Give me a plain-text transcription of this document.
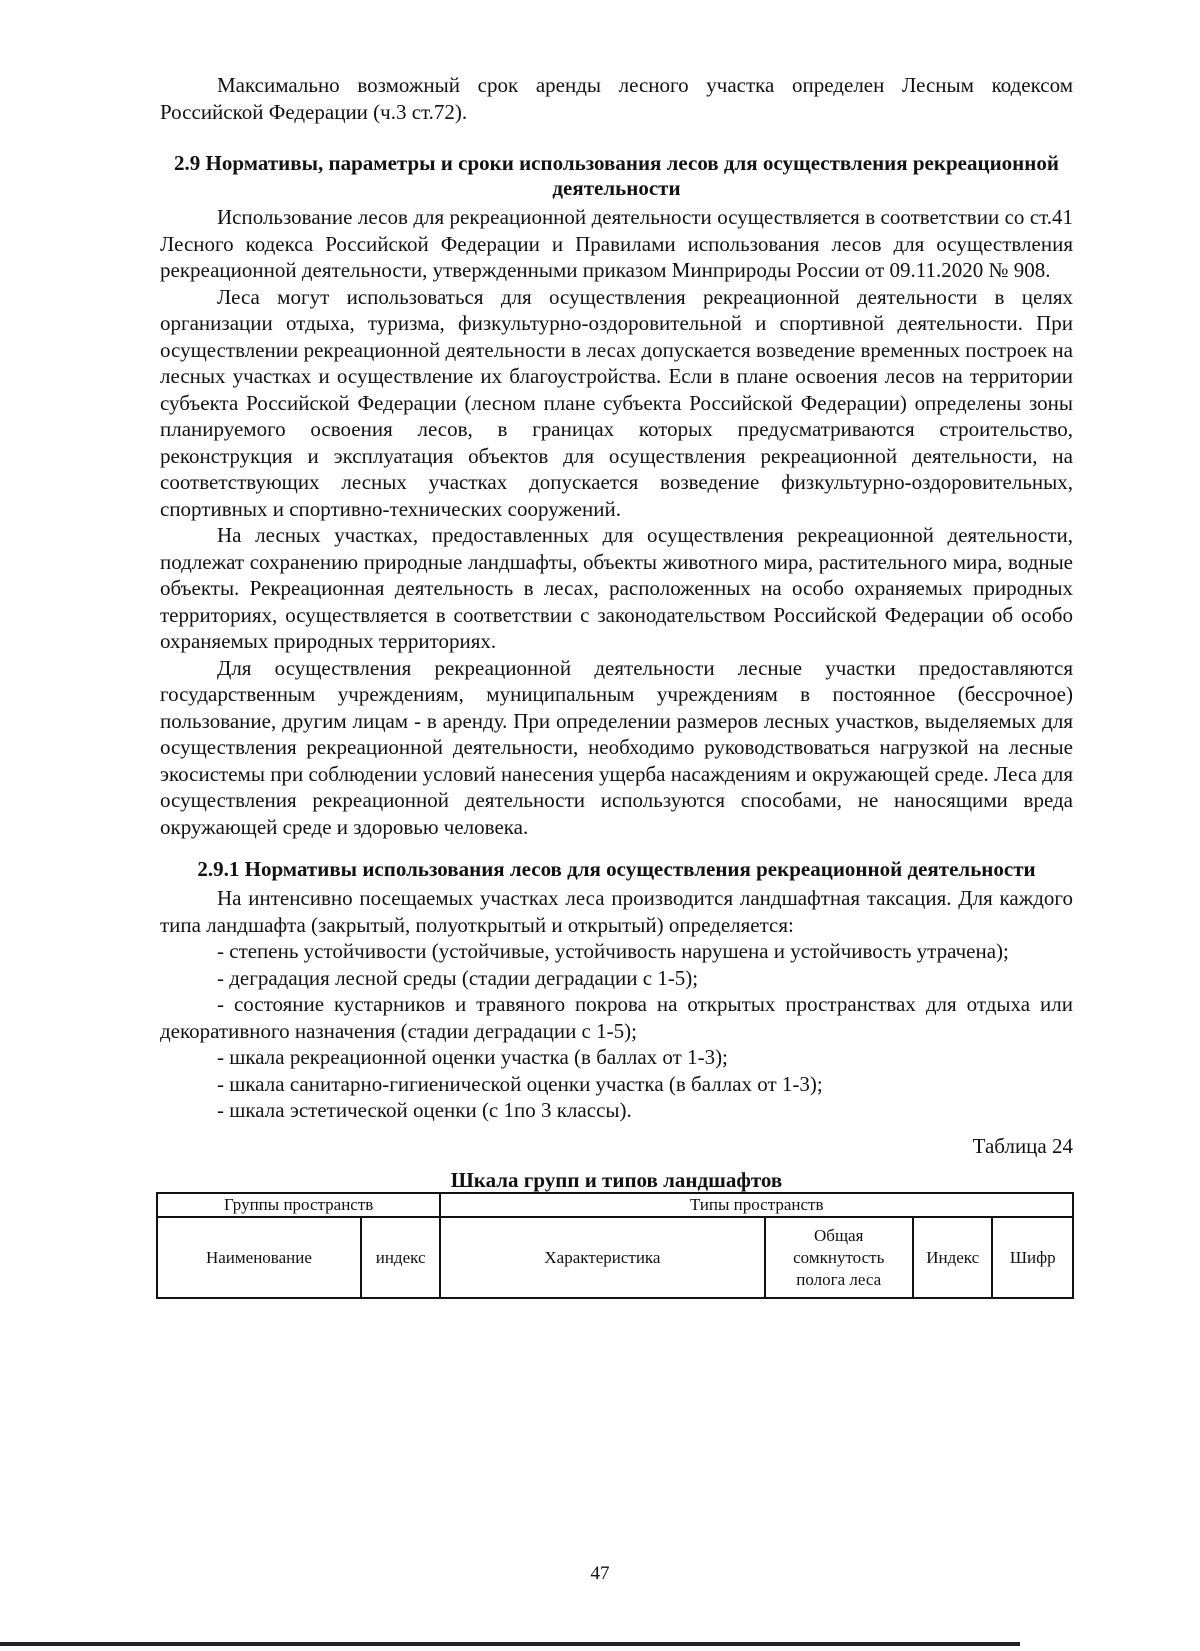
Максимально возможный срок аренды лесного участка определен Лесным кодексом Российской Федерации (ч.3 ст.72).

2.9 Нормативы, параметры и сроки использования лесов для осуществления рекреационной деятельности

Использование лесов для рекреационной деятельности осуществляется в соответствии со ст.41 Лесного кодекса Российской Федерации и Правилами использования лесов для осуществления рекреационной деятельности, утвержденными приказом Минприроды России от 09.11.2020 № 908.

Леса могут использоваться для осуществления рекреационной деятельности в целях организации отдыха, туризма, физкультурно-оздоровительной и спортивной деятельности. При осуществлении рекреационной деятельности в лесах допускается возведение временных построек на лесных участках и осуществление их благоустройства. Если в плане освоения лесов на территории субъекта Российской Федерации (лесном плане субъекта Российской Федерации) определены зоны планируемого освоения лесов, в границах которых предусматриваются строительство, реконструкция и эксплуатация объектов для осуществления рекреационной деятельности, на соответствующих лесных участках допускается возведение физкультурно-оздоровительных, спортивных и спортивно-технических сооружений.

На лесных участках, предоставленных для осуществления рекреационной деятельности, подлежат сохранению природные ландшафты, объекты животного мира, растительного мира, водные объекты. Рекреационная деятельность в лесах, расположенных на особо охраняемых природных территориях, осуществляется в соответствии с законодательством Российской Федерации об особо охраняемых природных территориях.

Для осуществления рекреационной деятельности лесные участки предоставляются государственным учреждениям, муниципальным учреждениям в постоянное (бессрочное) пользование, другим лицам - в аренду. При определении размеров лесных участков, выделяемых для осуществления рекреационной деятельности, необходимо руководствоваться нагрузкой на лесные экосистемы при соблюдении условий нанесения ущерба насаждениям и окружающей среде. Леса для осуществления рекреационной деятельности используются способами, не наносящими вреда окружающей среде и здоровью человека.

2.9.1 Нормативы использования лесов для осуществления рекреационной деятельности

На интенсивно посещаемых участках леса производится ландшафтная таксация. Для каждого типа ландшафта (закрытый, полуоткрытый и открытый) определяется:

- степень устойчивости (устойчивые, устойчивость нарушена и устойчивость утрачена);

- деградация лесной среды (стадии деградации с 1-5);

- состояние кустарников и травяного покрова на открытых пространствах для отдыха или декоративного назначения (стадии деградации с 1-5);

- шкала рекреационной оценки участка (в баллах от 1-3);

- шкала санитарно-гигиенической оценки участка (в баллах от 1-3);

- шкала эстетической оценки (с 1по 3 классы).

Таблица 24
Шкала групп и типов ландшафтов
Группы пространств		Типы пространств			
Наименование	индекс	Характеристика	Общая сомкнутость полога леса	Индекс	Шифр
47
